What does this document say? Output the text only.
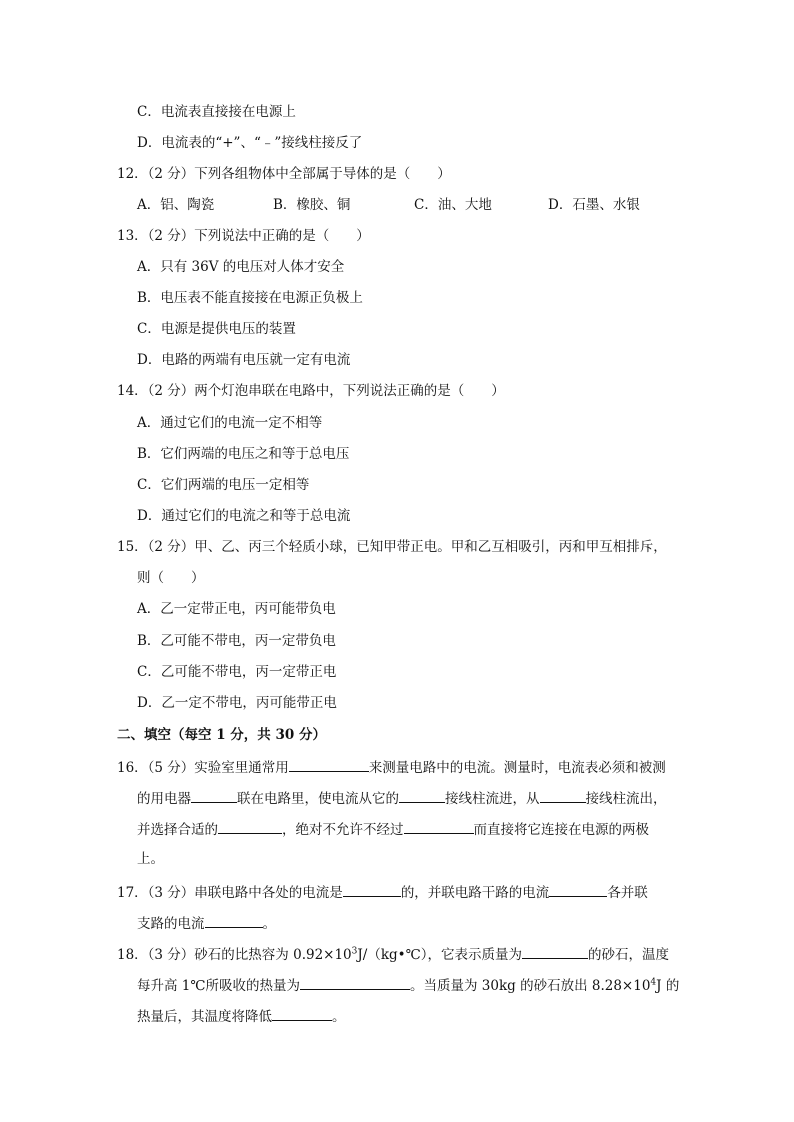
C．电流表直接接在电源上
D．电流表的“+”、“﹣”接线柱接反了
12．（2 分）下列各组物体中全部属于导体的是（　　）
A．铝、陶瓷	B．橡胶、铜	C．油、大地	D．石墨、水银
13．（2 分）下列说法中正确的是（　　）
A．只有 36V 的电压对人体才安全
B．电压表不能直接接在电源正负极上
C．电源是提供电压的装置
D．电路的两端有电压就一定有电流
14．（2 分）两个灯泡串联在电路中，下列说法正确的是（　　）
A．通过它们的电流一定不相等
B．它们两端的电压之和等于总电压
C．它们两端的电压一定相等
D．通过它们的电流之和等于总电流
15．（2 分）甲、乙、丙三个轻质小球，已知甲带正电。甲和乙互相吸引，丙和甲互相排斥，
则（　　）
A．乙一定带正电，丙可能带负电
B．乙可能不带电，丙一定带负电
C．乙可能不带电，丙一定带正电
D．乙一定不带电，丙可能带正电
二、填空（每空 1 分，共 30 分）
16．（5 分）实验室里通常用	来测量电路中的电流。测量时，电流表必须和被测
的用电器	联在电路里，使电流从它的	接线柱流进，从	接线柱流出，
并选择合适的	，绝对不允许不经过	而直接将它连接在电源的两极
上。
17．（3 分）串联电路中各处的电流是	的，并联电路干路的电流	各并联
支路的电流	。
18．（3 分）砂石的比热容为 $0.92\times 10^3J/(kg•℃)$，它表示质量为	的砂石，温度
每升高 1℃所吸收的热量为	。当质量为 30kg 的砂石放出 $8.28\times 10^4J$ 的
热量后，其温度将降低	。
